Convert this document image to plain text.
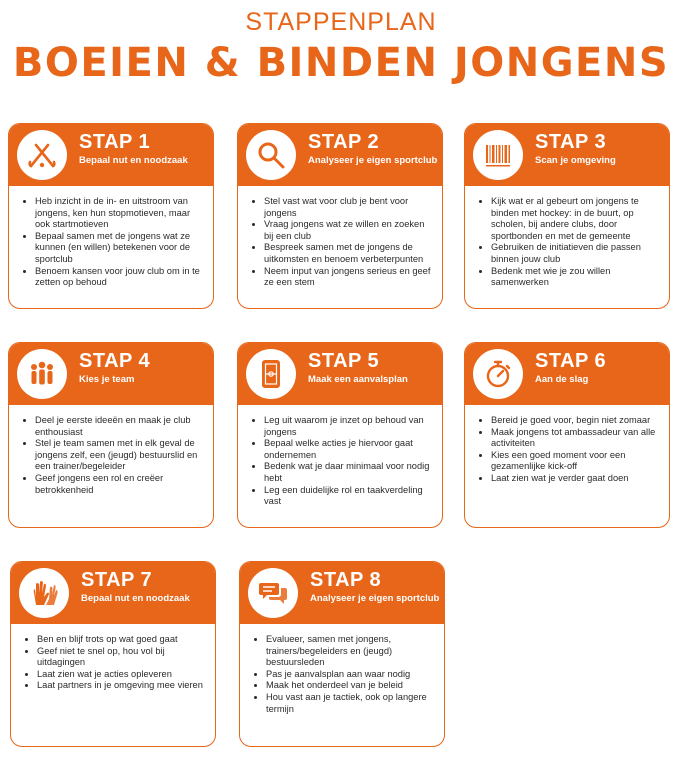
STAPPENPLAN
BOEIEN & BINDEN JONGENS
STAP 1
Bepaal nut en noodzaak
• Heb inzicht in de in- en uitstroom van jongens, ken hun stopmotieven, maar ook startmotieven
• Bepaal samen met de jongens wat ze kunnen (en willen) betekenen voor de sportclub
• Benoem kansen voor jouw club om in te zetten op behoud
STAP 2
Analyseer je eigen sportclub
• Stel vast wat voor club je bent voor jongens
• Vraag jongens wat ze willen en zoeken bij een club
• Bespreek samen met de jongens de uitkomsten en benoem verbeterpunten
• Neem input van jongens serieus en geef ze een stem
STAP 3
Scan je omgeving
• Kijk wat er al gebeurt om jongens te binden met hockey: in de buurt, op scholen, bij andere clubs, door sportbonden en met de gemeente
• Gebruiken de initiatieven die passen binnen jouw club
• Bedenk met wie je zou willen samenwerken
STAP 4
Kies je team
• Deel je eerste ideeën en maak je club enthousiast
• Stel je team samen met in elk geval de jongens zelf, een (jeugd) bestuurslid en een trainer/begeleider
• Geef jongens een rol en creëer betrokkenheid
STAP 5
Maak een aanvalsplan
• Leg uit waarom je inzet op behoud van jongens
• Bepaal welke acties je hiervoor gaat ondernemen
• Bedenk wat je daar minimaal voor nodig hebt
• Leg een duidelijke rol en taakverdeling vast
STAP 6
Aan de slag
• Bereid je goed voor, begin niet zomaar
• Maak jongens tot ambassadeur van alle activiteiten
• Kies een goed moment voor een gezamenlijke kick-off
• Laat zien wat je verder gaat doen
STAP 7
Bepaal nut en noodzaak
• Ben en blijf trots op wat goed gaat
• Geef niet te snel op, hou vol bij uitdagingen
• Laat zien wat je acties opleveren
• Laat partners in je omgeving mee vieren
STAP 8
Analyseer je eigen sportclub
• Evalueer, samen met jongens, trainers/begeleiders en (jeugd) bestuursleden
• Pas je aanvalsplan aan waar nodig
• Maak het onderdeel van je beleid
• Hou vast aan je tactiek, ook op langere termijn
